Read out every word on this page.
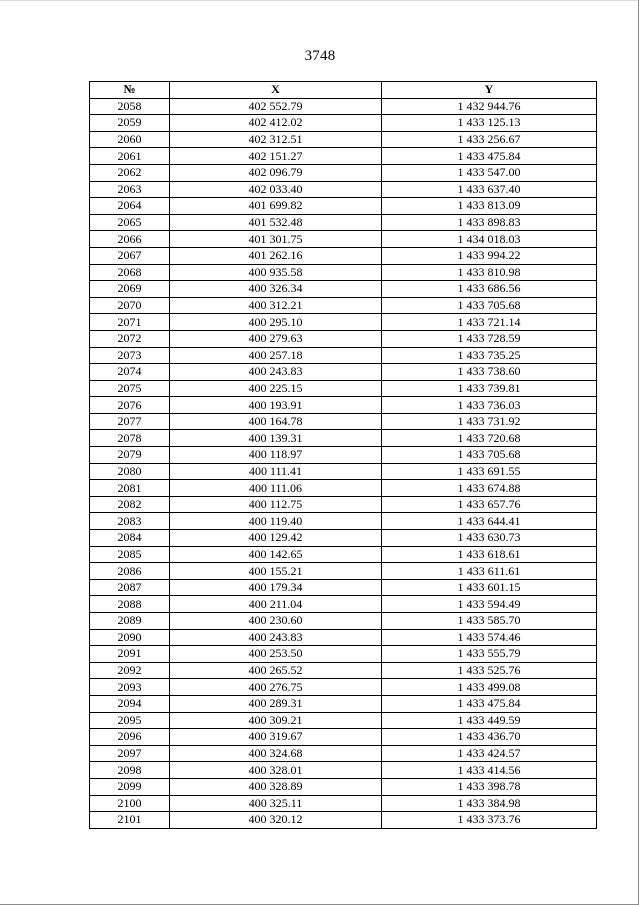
3748
№	X	Y
2058	402 552.79	1 432 944.76
2059	402 412.02	1 433 125.13
2060	402 312.51	1 433 256.67
2061	402 151.27	1 433 475.84
2062	402 096.79	1 433 547.00
2063	402 033.40	1 433 637.40
2064	401 699.82	1 433 813.09
2065	401 532.48	1 433 898.83
2066	401 301.75	1 434 018.03
2067	401 262.16	1 433 994.22
2068	400 935.58	1 433 810.98
2069	400 326.34	1 433 686.56
2070	400 312.21	1 433 705.68
2071	400 295.10	1 433 721.14
2072	400 279.63	1 433 728.59
2073	400 257.18	1 433 735.25
2074	400 243.83	1 433 738.60
2075	400 225.15	1 433 739.81
2076	400 193.91	1 433 736.03
2077	400 164.78	1 433 731.92
2078	400 139.31	1 433 720.68
2079	400 118.97	1 433 705.68
2080	400 111.41	1 433 691.55
2081	400 111.06	1 433 674.88
2082	400 112.75	1 433 657.76
2083	400 119.40	1 433 644.41
2084	400 129.42	1 433 630.73
2085	400 142.65	1 433 618.61
2086	400 155.21	1 433 611.61
2087	400 179.34	1 433 601.15
2088	400 211.04	1 433 594.49
2089	400 230.60	1 433 585.70
2090	400 243.83	1 433 574.46
2091	400 253.50	1 433 555.79
2092	400 265.52	1 433 525.76
2093	400 276.75	1 433 499.08
2094	400 289.31	1 433 475.84
2095	400 309.21	1 433 449.59
2096	400 319.67	1 433 436.70
2097	400 324.68	1 433 424.57
2098	400 328.01	1 433 414.56
2099	400 328.89	1 433 398.78
2100	400 325.11	1 433 384.98
2101	400 320.12	1 433 373.76
